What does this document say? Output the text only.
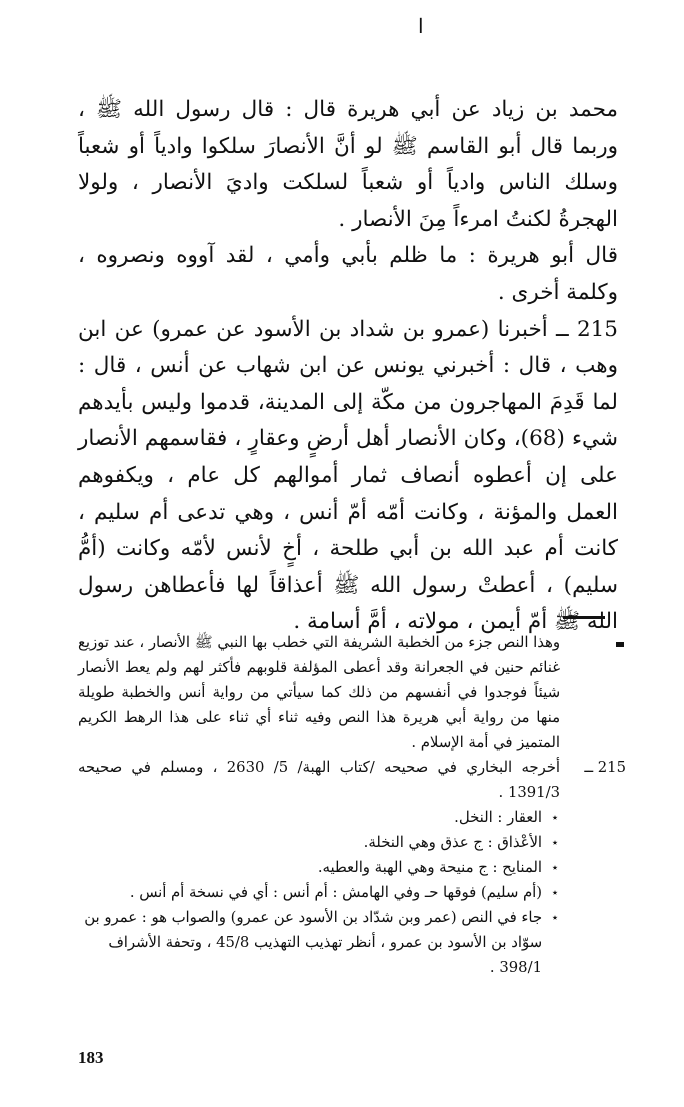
ا

محمد بن زياد عن أبي هريرة قال : قال رسول الله ﷺ ، وربما قال أبو القاسم ﷺ لو أنَّ الأنصارَ سلكوا وادياً أو شعباً وسلك الناس وادياً أو شعباً لسلكت واديَ الأنصار ، ولولا الهجرةُ لكنتُ امرءاً مِنَ الأنصار .

قال أبو هريرة : ما ظلم بأبي وأمي ، لقد آووه ونصروه ، وكلمة أخرى .

215 ــ أخبرنا (عمرو بن شداد بن الأسود عن عمرو) عن ابن وهب ، قال : أخبرني يونس عن ابن شهاب عن أنس ، قال : لما قَدِمَ المهاجرون من مكّة إلى المدينة، قدموا وليس بأيدهم شيء (68)، وكان الأنصار أهل أرضٍ وعقارٍ ، فقاسمهم الأنصار على إن أعطوه أنصاف ثمار أموالهم كل عام ، ويكفوهم العمل والمؤنة ، وكانت أمّه أمّ أنس ، وهي تدعى أم سليم ، كانت أم عبد الله بن أبي طلحة ، أخٍ لأنس لأمّه وكانت (أمُّ سليم) ، أعطتْ رسول الله ﷺ أعذاقاً لها فأعطاهن رسول الله ﷺ أمّ أيمن ، مولاته ، أمَّ أسامة .

وهذا النص جزء من الخطبة الشريفة التي خطب بها النبي ﷺ الأنصار ، عند توزيع غنائم حنين في الجعرانة وقد أعطى المؤلفة قلوبهم فأكثر لهم ولم يعط الأنصار شيئاً فوجدوا في أنفسهم من ذلك كما سيأتي من رواية أنس والخطبة طويلة منها من رواية أبي هريرة هذا النص وفيه ثناء أي ثناء على هذا الرهط الكريم المتميز في أمة الإسلام .
215 ــ
أخرجه البخاري في صحيحه /كتاب الهبة/ 5/ 2630 ، ومسلم في صحيحه 1391/3 .
٭
العقار : النخل.
٭
الأعْذاق : ج عذق وهي النخلة.
٭
المنايح : ج منيحة وهي الهبة والعطيه.
٭
(أم سليم) فوقها حـ وفي الهامش : أم أنس : أي في نسخة أم أنس .
٭
جاء في النص (عمر وبن شدّاد بن الأسود عن عمرو) والصواب هو : عمرو بن سوّاد بن الأسود بن عمرو ، أنظر تهذيب التهذيب 45/8 ، وتحفة الأشراف 398/1 .
183
